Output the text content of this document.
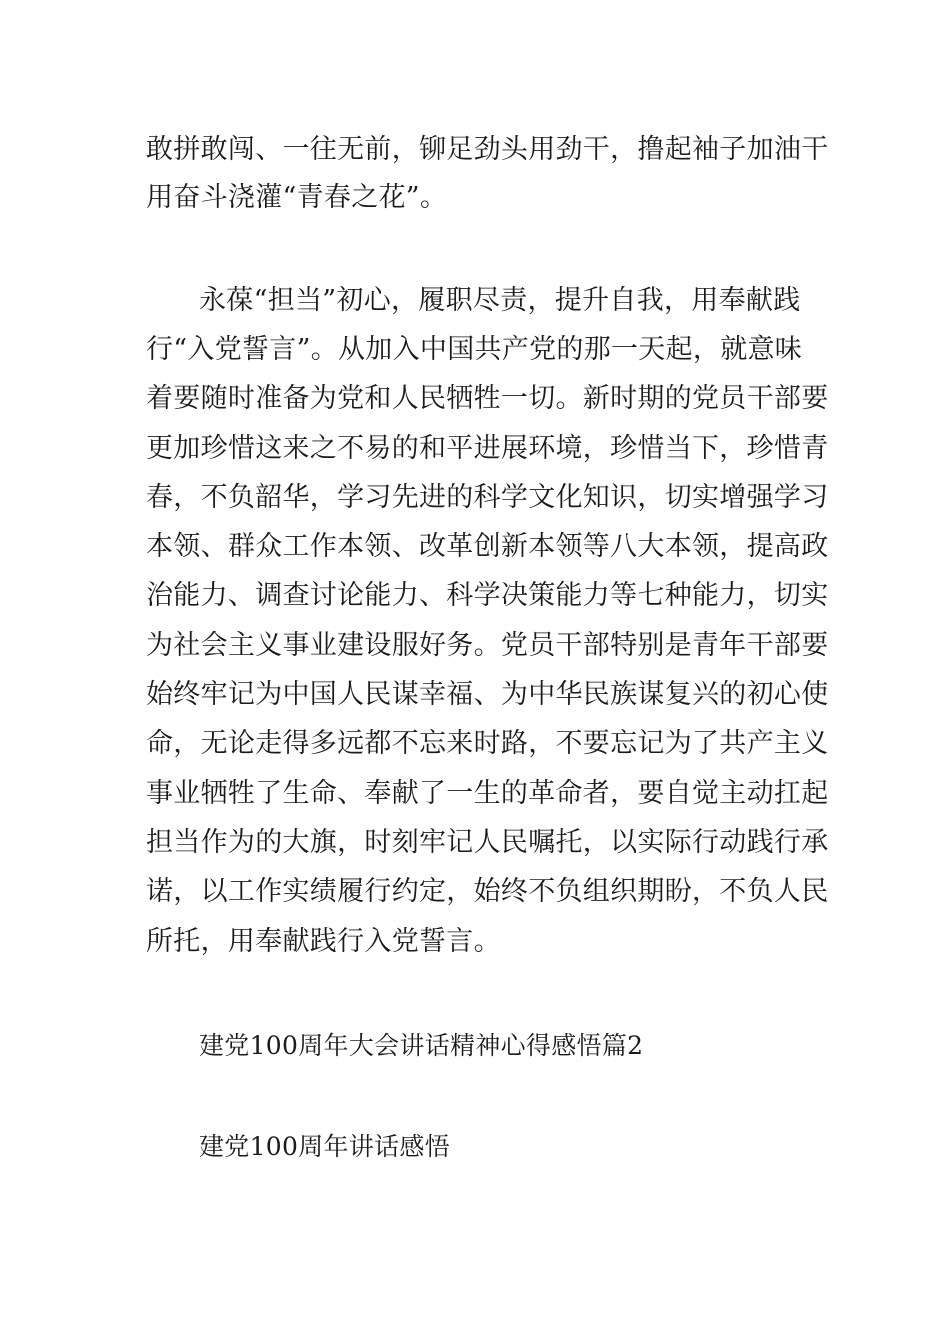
敢拼敢闯、一往无前，铆足劲头用劲干，撸起袖子加油干
用奋斗浇灌“青春之花”。
永葆“担当”初心，履职尽责，提升自我，用奉献践
行“入党誓言”。从加入中国共产党的那一天起，就意味
着要随时准备为党和人民牺牲一切。新时期的党员干部要
更加珍惜这来之不易的和平进展环境，珍惜当下，珍惜青
春，不负韶华，学习先进的科学文化知识，切实增强学习
本领、群众工作本领、改革创新本领等八大本领，提高政
治能力、调查讨论能力、科学决策能力等七种能力，切实
为社会主义事业建设服好务。党员干部特别是青年干部要
始终牢记为中国人民谋幸福、为中华民族谋复兴的初心使
命，无论走得多远都不忘来时路，不要忘记为了共产主义
事业牺牲了生命、奉献了一生的革命者，要自觉主动扛起
担当作为的大旗，时刻牢记人民嘱托，以实际行动践行承
诺，以工作实绩履行约定，始终不负组织期盼，不负人民
所托，用奉献践行入党誓言。
建党100周年大会讲话精神心得感悟篇2
建党100周年讲话感悟
